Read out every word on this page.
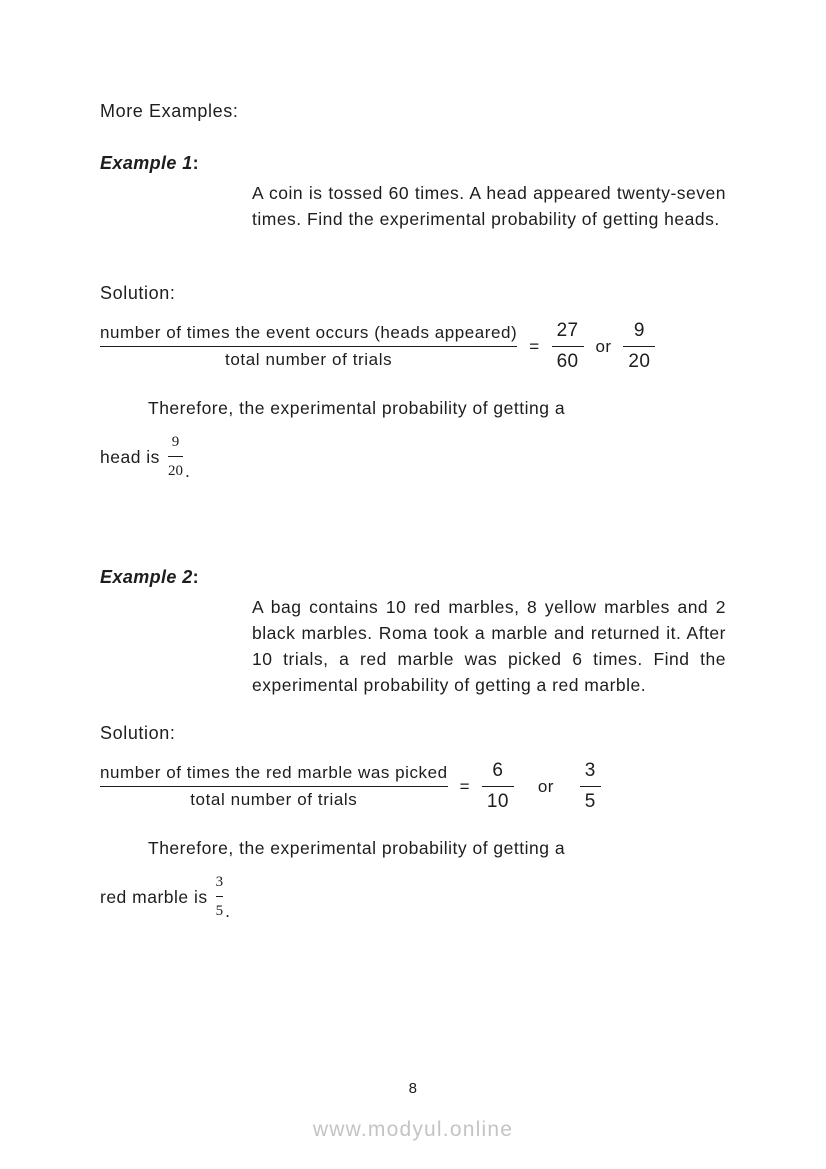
More Examples:

Example 1:

A coin is tossed 60 times. A head appeared twenty-seven times. Find the experimental probability of getting heads.

Solution:

$\frac{\text{number of times the event occurs (heads appeared)}}{\text{total number of trials}} = \frac{27}{60}$ or $\frac{9}{20}$
Therefore, the experimental probability of getting a
head is $\frac{9}{20}$ .

Example 2:

A bag contains 10 red marbles, 8 yellow marbles and 2 black marbles. Roma took a marble and returned it. After 10 trials, a red marble was picked 6 times. Find the experimental probability of getting a red marble.

Solution:

$\frac{\text{number of times the red marble was picked}}{\text{total number of trials}} = \frac{6}{10}$ or $\frac{3}{5}$
Therefore, the experimental probability of getting a
red marble is $\frac{3}{5}$ .
8
www.modyul.online
